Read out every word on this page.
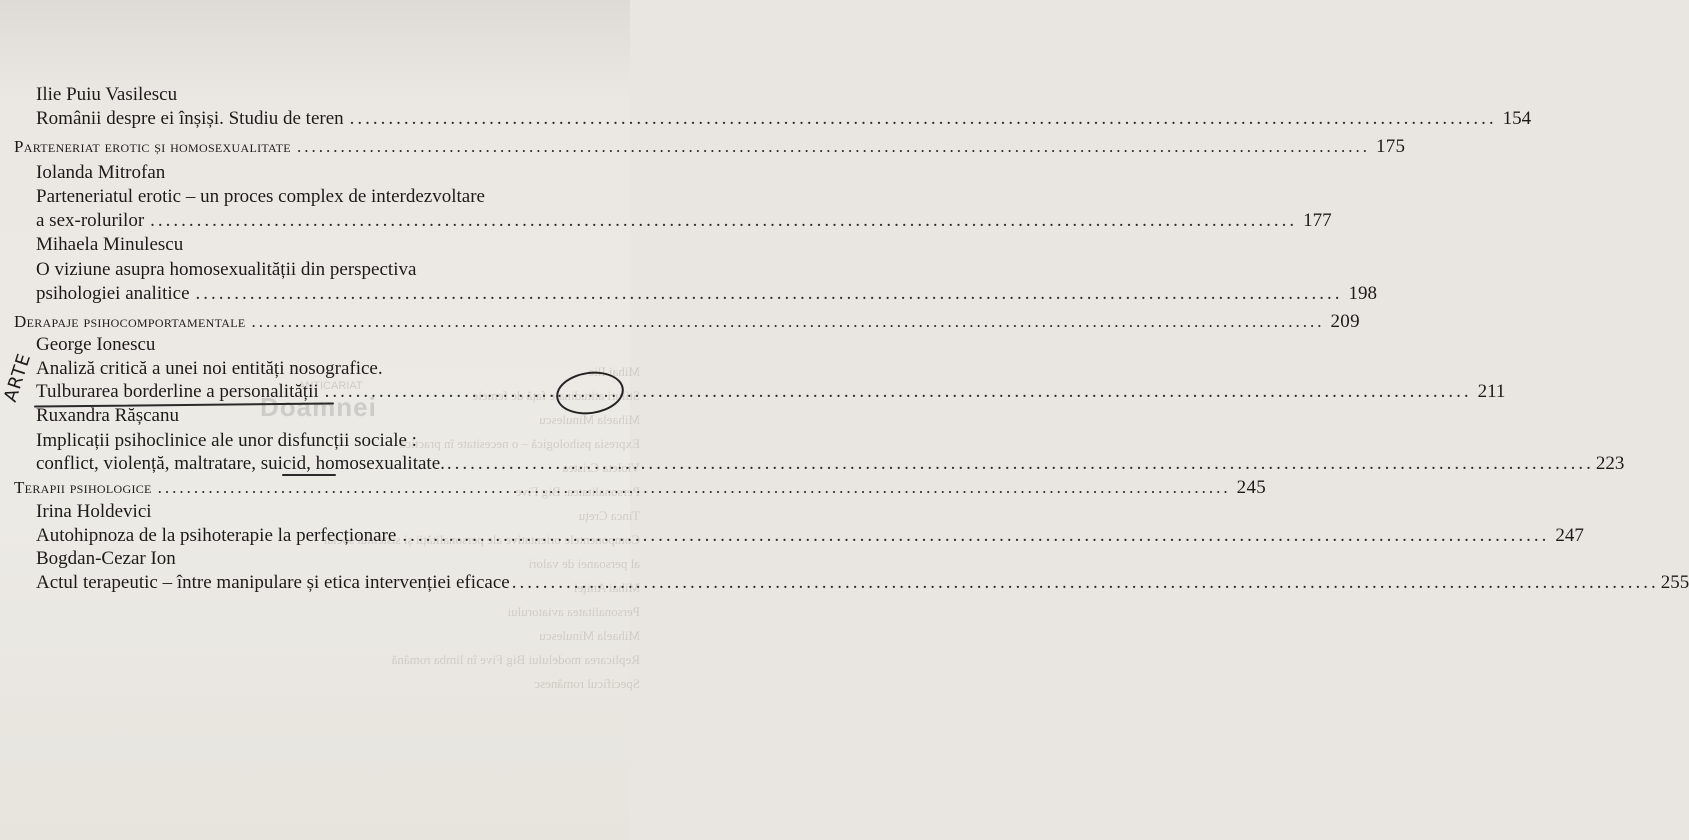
Mihai Ilie
Stiluri atitudinale față de femeie
Mihaela Minulescu
Expresia psihologică – o necesitate în practică
Violeta Cristea
Personalitatea. Big Five
Tinca Creţu
Componentele orientative ale personalității și sistemul social
al persoanei de valori
Mihai Aniţei
Personalitatea aviatorului
Mihaela Minulescu
Replicarea modelului Big Five în limba română
Specificul românesc
ANTICARIAT
Doamnei
Ilie Puiu Vasilescu
Românii despre ei înșiși. Studiu de teren .....	154
Parteneriat erotic și homosexualitate .....	175
Iolanda Mitrofan
Parteneriatul erotic – un proces complex de interdezvoltare
a sex-rolurilor .....	177
Mihaela Minulescu
O viziune asupra homosexualității din perspectiva
psihologiei analitice .....	198
Derapaje psihocomportamentale .....	209
George Ionescu
Analiză critică a unei noi entități nosografice.
Tulburarea borderline a personalității .....	211
Ruxandra Rășcanu
Implicații psihoclinice ale unor disfuncții sociale :
conflict, violență, maltratare, suicid, homosexualitate. .....	223
Terapii psihologice .....	245
Irina Holdevici
Autohipnoza de la psihoterapie la perfecționare .....	247
Bogdan-Cezar Ion
Actul terapeutic – între manipulare și etica intervenției eficace .....	255
ARTE
